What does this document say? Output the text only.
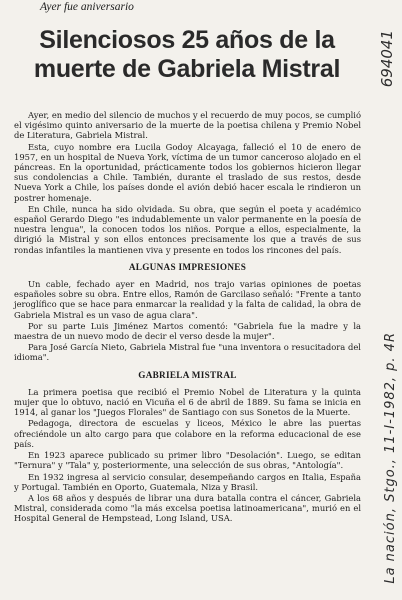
Ayer fue aniversario

Silenciosos 25 años de la muerte de Gabriela Mistral

Ayer, en medio del silencio de muchos y el recuerdo de muy pocos, se cumplió el vigésimo quinto aniversario de la muerte de la poetisa chilena y Premio Nobel de Literatura, Gabriela Mistral.

Esta, cuyo nombre era Lucila Godoy Alcayaga, falleció el 10 de enero de 1957, en un hospital de Nueva York, víctima de un tumor canceroso alojado en el páncreas. En la oportunidad, prácticamente todos los gobiernos hicieron llegar sus condolencias a Chile. También, durante el traslado de sus restos, desde Nueva York a Chile, los países donde el avión debió hacer escala le rindieron un postrer homenaje.

En Chile, nunca ha sido olvidada. Su obra, que según el poeta y académico español Gerardo Diego "es indudablemente un valor permanente en la poesía de nuestra lengua", la conocen todos los niños. Porque a ellos, especialmente, la dirigió la Mistral y son ellos entonces precisamente los que a través de sus rondas infantiles la mantienen viva y presente en todos los rincones del país.

ALGUNAS IMPRESIONES

Un cable, fechado ayer en Madrid, nos trajo varias opiniones de poetas españoles sobre su obra. Entre ellos, Ramón de Garcilaso señaló: "Frente a tanto jeroglífico que se hace para enmarcar la realidad y la falta de calidad, la obra de Gabriela Mistral es un vaso de agua clara".

Por su parte Luis Jiménez Martos comentó: "Gabriela fue la madre y la maestra de un nuevo modo de decir el verso desde la mujer".

Para José García Nieto, Gabriela Mistral fue "una inventora o resucitadora del idioma".

GABRIELA MISTRAL

La primera poetisa que recibió el Premio Nobel de Literatura y la quinta mujer que lo obtuvo, nació en Vicuña el 6 de abril de 1889. Su fama se inicia en 1914, al ganar los "Juegos Florales" de Santiago con sus Sonetos de la Muerte.

Pedagoga, directora de escuelas y liceos, México le abre las puertas ofreciéndole un alto cargo para que colabore en la reforma educacional de ese país.

En 1923 aparece publicado su primer libro "Desolación". Luego, se editan "Ternura" y "Tala" y, posteriormente, una selección de sus obras, "Antología".

En 1932 ingresa al servicio consular, desempeñando cargos en Italia, España y Portugal. También en Oporto, Guatemala, Niza y Brasil.

A los 68 años y después de librar una dura batalla contra el cáncer, Gabriela Mistral, considerada como "la más excelsa poetisa latinoamericana", murió en el Hospital General de Hempstead, Long Island, USA.

694041
La nación, Stgo., 11-I-1982, p. 4R
